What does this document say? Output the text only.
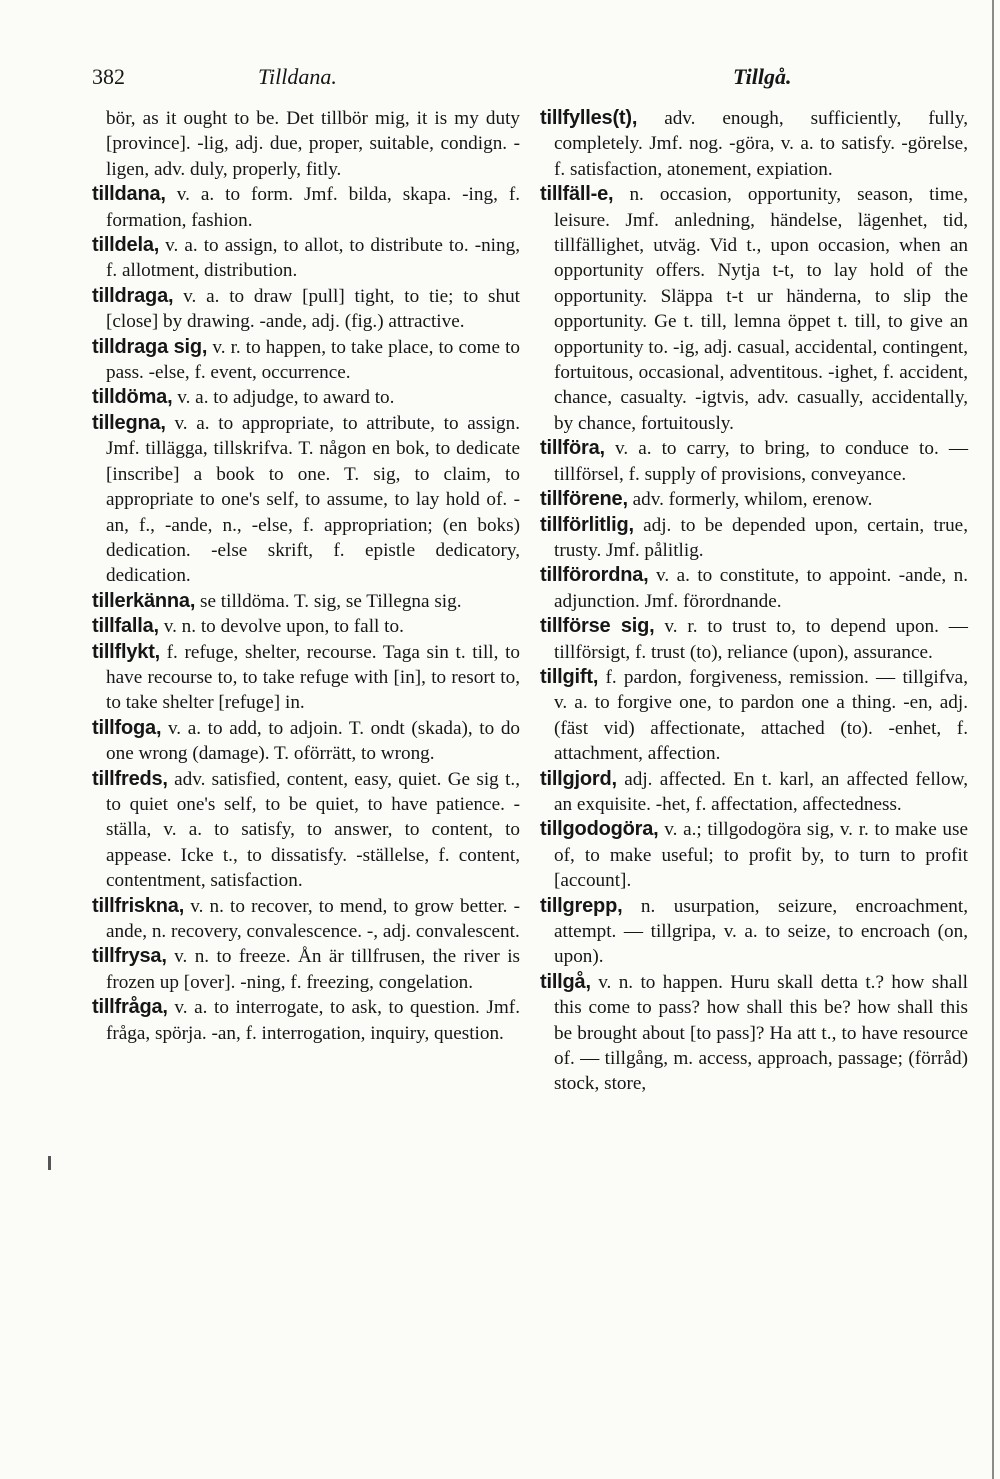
382	Tilldana.	Tillgå.

bör, as it ought to be. Det tillbör mig, it is my duty [province]. -lig, adj. due, proper, suitable, condign. -ligen, adv. duly, properly, fitly.

tilldana, v. a. to form. Jmf. bilda, skapa. -ing, f. formation, fashion.

tilldela, v. a. to assign, to allot, to distribute to. -ning, f. allotment, distribution.

tilldraga, v. a. to draw [pull] tight, to tie; to shut [close] by drawing. -ande, adj. (fig.) attractive.

tilldraga sig, v. r. to happen, to take place, to come to pass. -else, f. event, occurrence.

tilldöma, v. a. to adjudge, to award to.

tillegna, v. a. to appropriate, to attribute, to assign. Jmf. tillägga, tillskrifva. T. någon en bok, to dedicate [inscribe] a book to one. T. sig, to claim, to appropriate to one's self, to assume, to lay hold of. -an, f., -ande, n., -else, f. appropriation; (en boks) dedication. -else skrift, f. epistle dedicatory, dedication.

tillerkänna, se tilldöma. T. sig, se Tillegna sig.

tillfalla, v. n. to devolve upon, to fall to.

tillflykt, f. refuge, shelter, recourse. Taga sin t. till, to have recourse to, to take refuge with [in], to resort to, to take shelter [refuge] in.

tillfoga, v. a. to add, to adjoin. T. ondt (skada), to do one wrong (damage). T. oförrätt, to wrong.

tillfreds, adv. satisfied, content, easy, quiet. Ge sig t., to quiet one's self, to be quiet, to have patience. -ställa, v. a. to satisfy, to answer, to content, to appease. Icke t., to dissatisfy. -ställelse, f. content, contentment, satisfaction.

tillfriskna, v. n. to recover, to mend, to grow better. -ande, n. recovery, convalescence. -, adj. convalescent.

tillfrysa, v. n. to freeze. Ån är tillfrusen, the river is frozen up [over]. -ning, f. freezing, congelation.

tillfråga, v. a. to interrogate, to ask, to question. Jmf. fråga, spörja. -an, f. interrogation, inquiry, question.

tillfylles(t), adv. enough, sufficiently, fully, completely. Jmf. nog. -göra, v. a. to satisfy. -görelse, f. satisfaction, atonement, expiation.

tillfäll-e, n. occasion, opportunity, season, time, leisure. Jmf. anledning, händelse, lägenhet, tid, tillfällighet, utväg. Vid t., upon occasion, when an opportunity offers. Nytja t-t, to lay hold of the opportunity. Släppa t-t ur händerna, to slip the opportunity. Ge t. till, lemna öppet t. till, to give an opportunity to. -ig, adj. casual, accidental, contingent, fortuitous, occasional, adventitous. -ighet, f. accident, chance, casualty. -igtvis, adv. casually, accidentally, by chance, fortuitously.

tillföra, v. a. to carry, to bring, to conduce to. — tillförsel, f. supply of provisions, conveyance.

tillförene, adv. formerly, whilom, erenow.

tillförlitlig, adj. to be depended upon, certain, true, trusty. Jmf. pålitlig.

tillförordna, v. a. to constitute, to appoint. -ande, n. adjunction. Jmf. förordnande.

tillförse sig, v. r. to trust to, to depend upon. — tillförsigt, f. trust (to), reliance (upon), assurance.

tillgift, f. pardon, forgiveness, remission. — tillgifva, v. a. to forgive one, to pardon one a thing. -en, adj. (fäst vid) affectionate, attached (to). -enhet, f. attachment, affection.

tillgjord, adj. affected. En t. karl, an affected fellow, an exquisite. -het, f. affectation, affectedness.

tillgodogöra, v. a.; tillgodogöra sig, v. r. to make use of, to make useful; to profit by, to turn to profit [account].

tillgrepp, n. usurpation, seizure, encroachment, attempt. — tillgripa, v. a. to seize, to encroach (on, upon).

tillgå, v. n. to happen. Huru skall detta t.? how shall this come to pass? how shall this be? how shall this be brought about [to pass]? Ha att t., to have resource of. — tillgång, m. access, approach, passage; (förråd) stock, store,
